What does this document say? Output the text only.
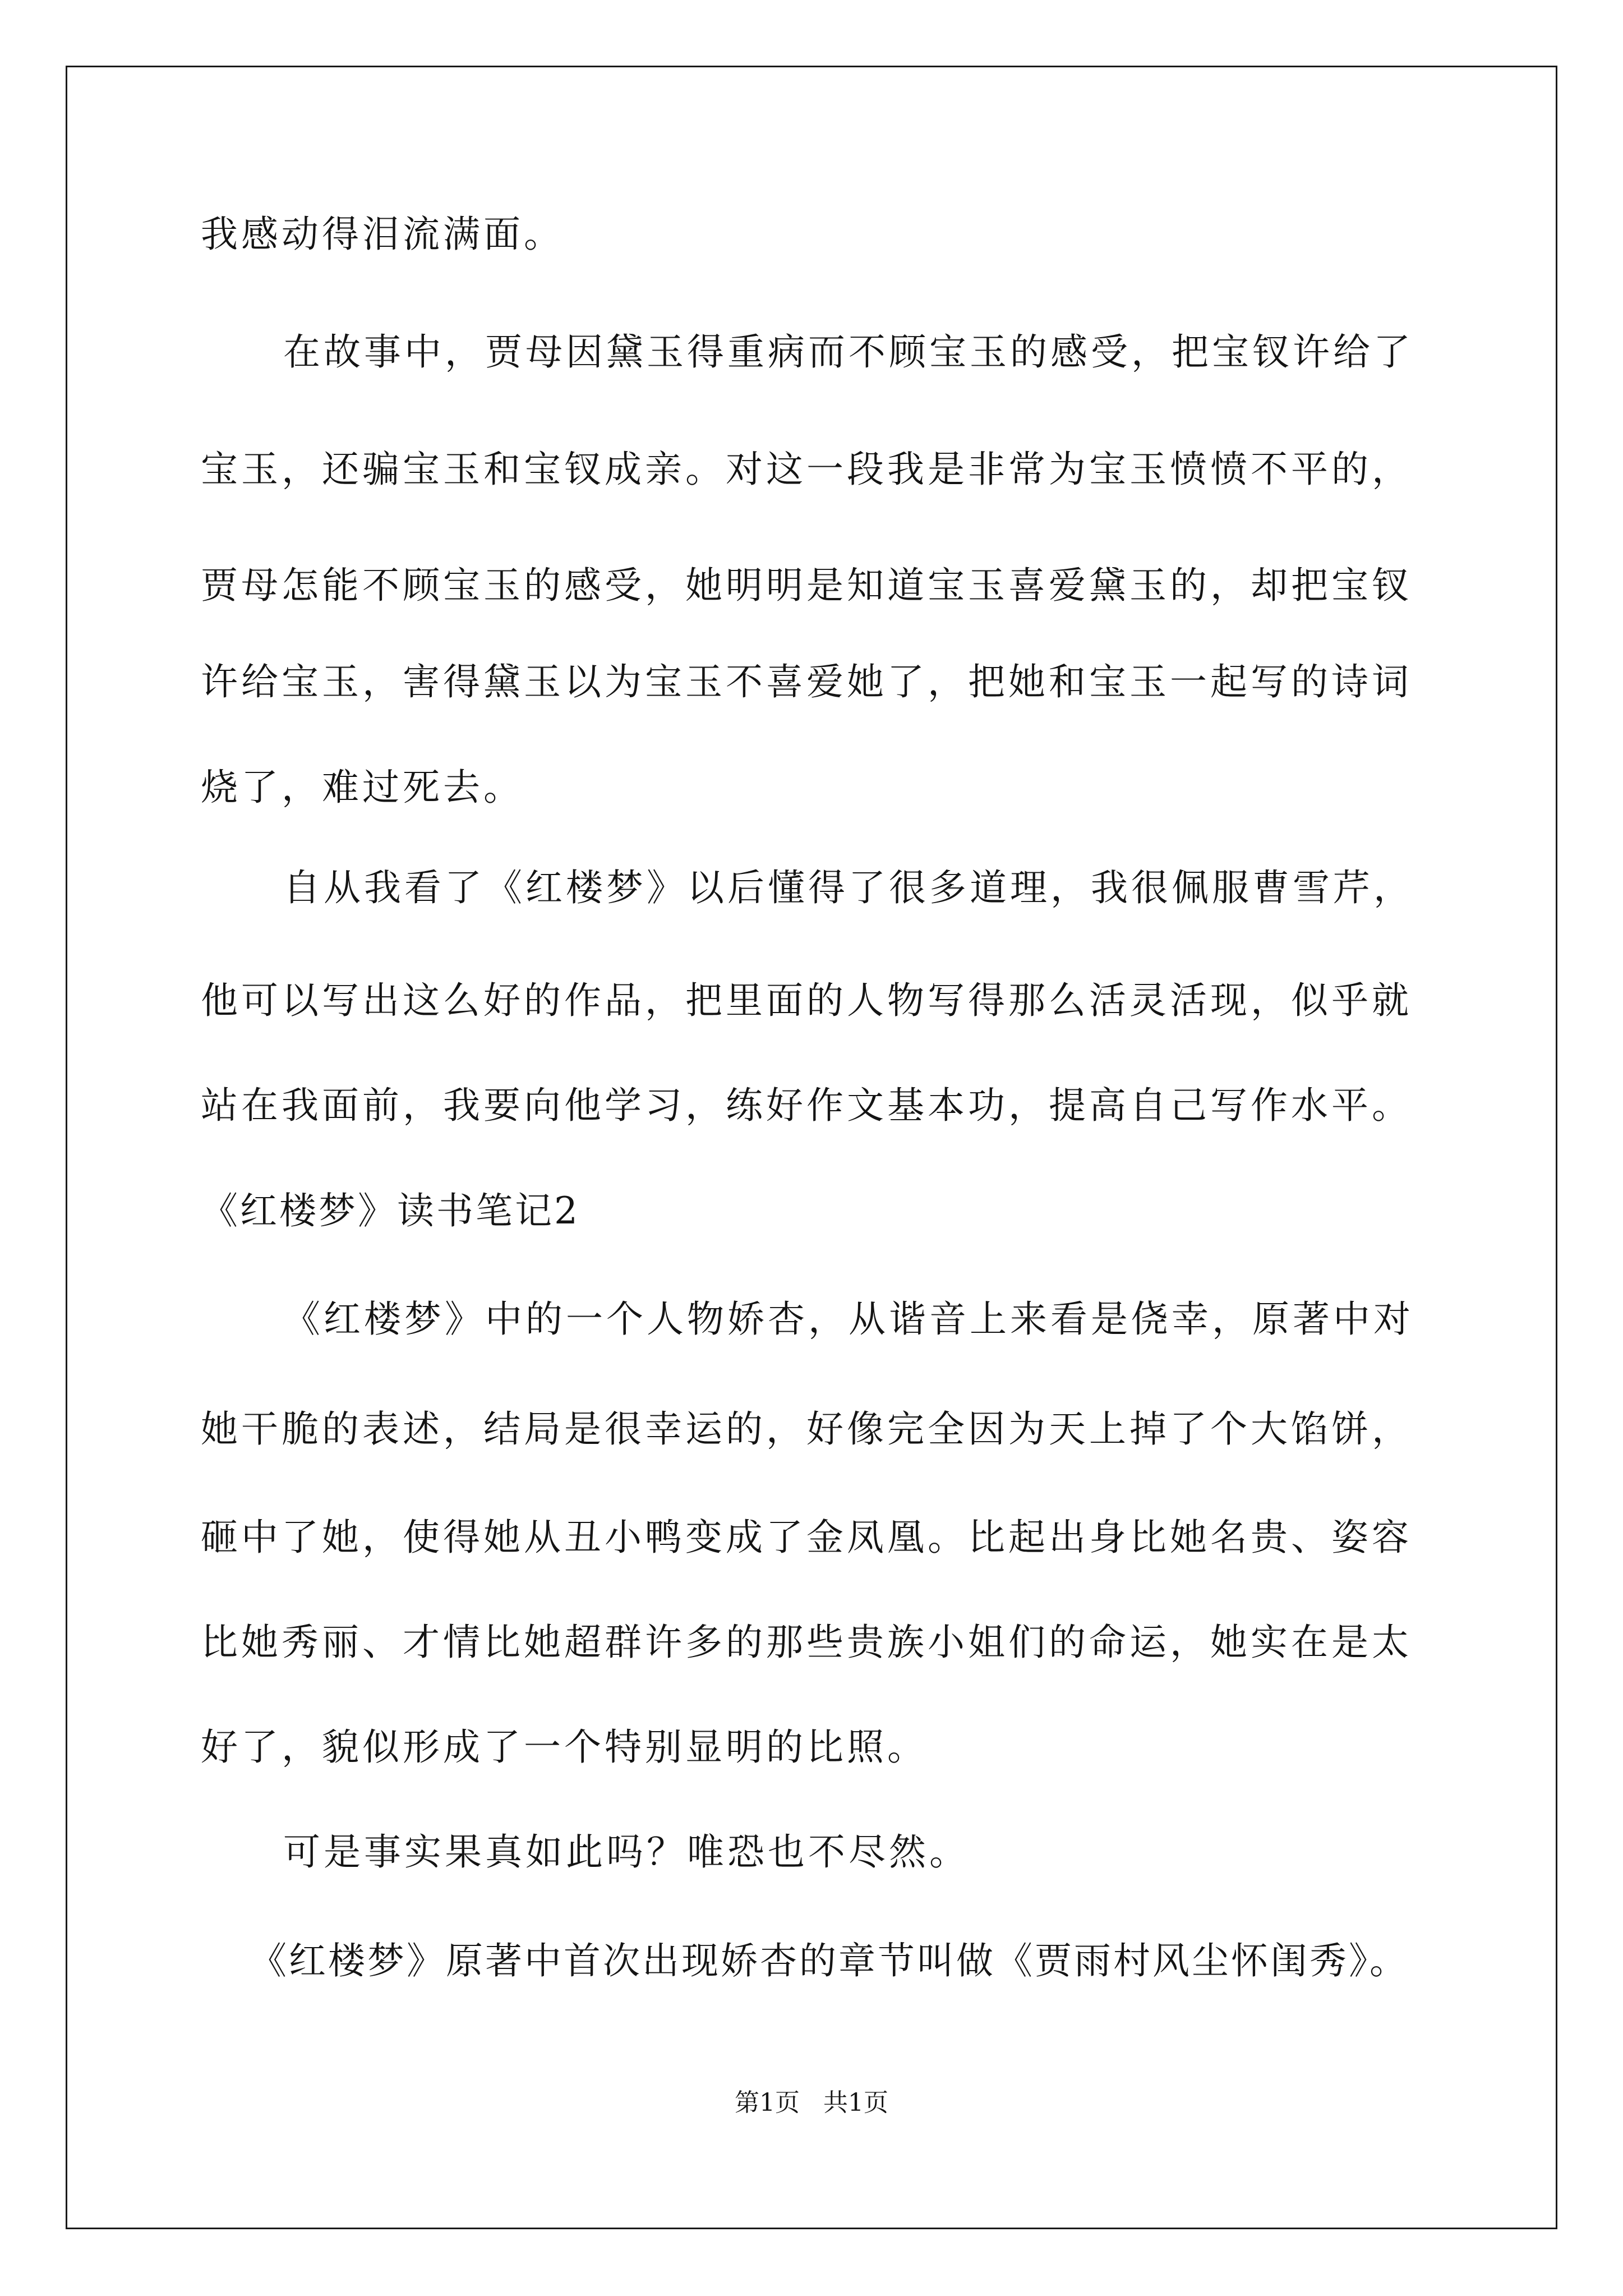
我感动得泪流满面。
在故事中，贾母因黛玉得重病而不顾宝玉的感受，把宝钗许给了
宝玉，还骗宝玉和宝钗成亲。对这一段我是非常为宝玉愤愤不平的，
贾母怎能不顾宝玉的感受，她明明是知道宝玉喜爱黛玉的，却把宝钗
许给宝玉，害得黛玉以为宝玉不喜爱她了，把她和宝玉一起写的诗词
烧了，难过死去。
自从我看了《红楼梦》以后懂得了很多道理，我很佩服曹雪芹，
他可以写出这么好的作品，把里面的人物写得那么活灵活现，似乎就
站在我面前，我要向他学习，练好作文基本功，提高自己写作水平。
《红楼梦》读书笔记2
《红楼梦》中的一个人物娇杏，从谐音上来看是侥幸，原著中对
她干脆的表述，结局是很幸运的，好像完全因为天上掉了个大馅饼，
砸中了她，使得她从丑小鸭变成了金凤凰。比起出身比她名贵、姿容
比她秀丽、才情比她超群许多的那些贵族小姐们的命运，她实在是太
好了，貌似形成了一个特别显明的比照。
可是事实果真如此吗？唯恐也不尽然。
《红楼梦》原著中首次出现娇杏的章节叫做《贾雨村风尘怀闺秀》。
第1页   共1页
